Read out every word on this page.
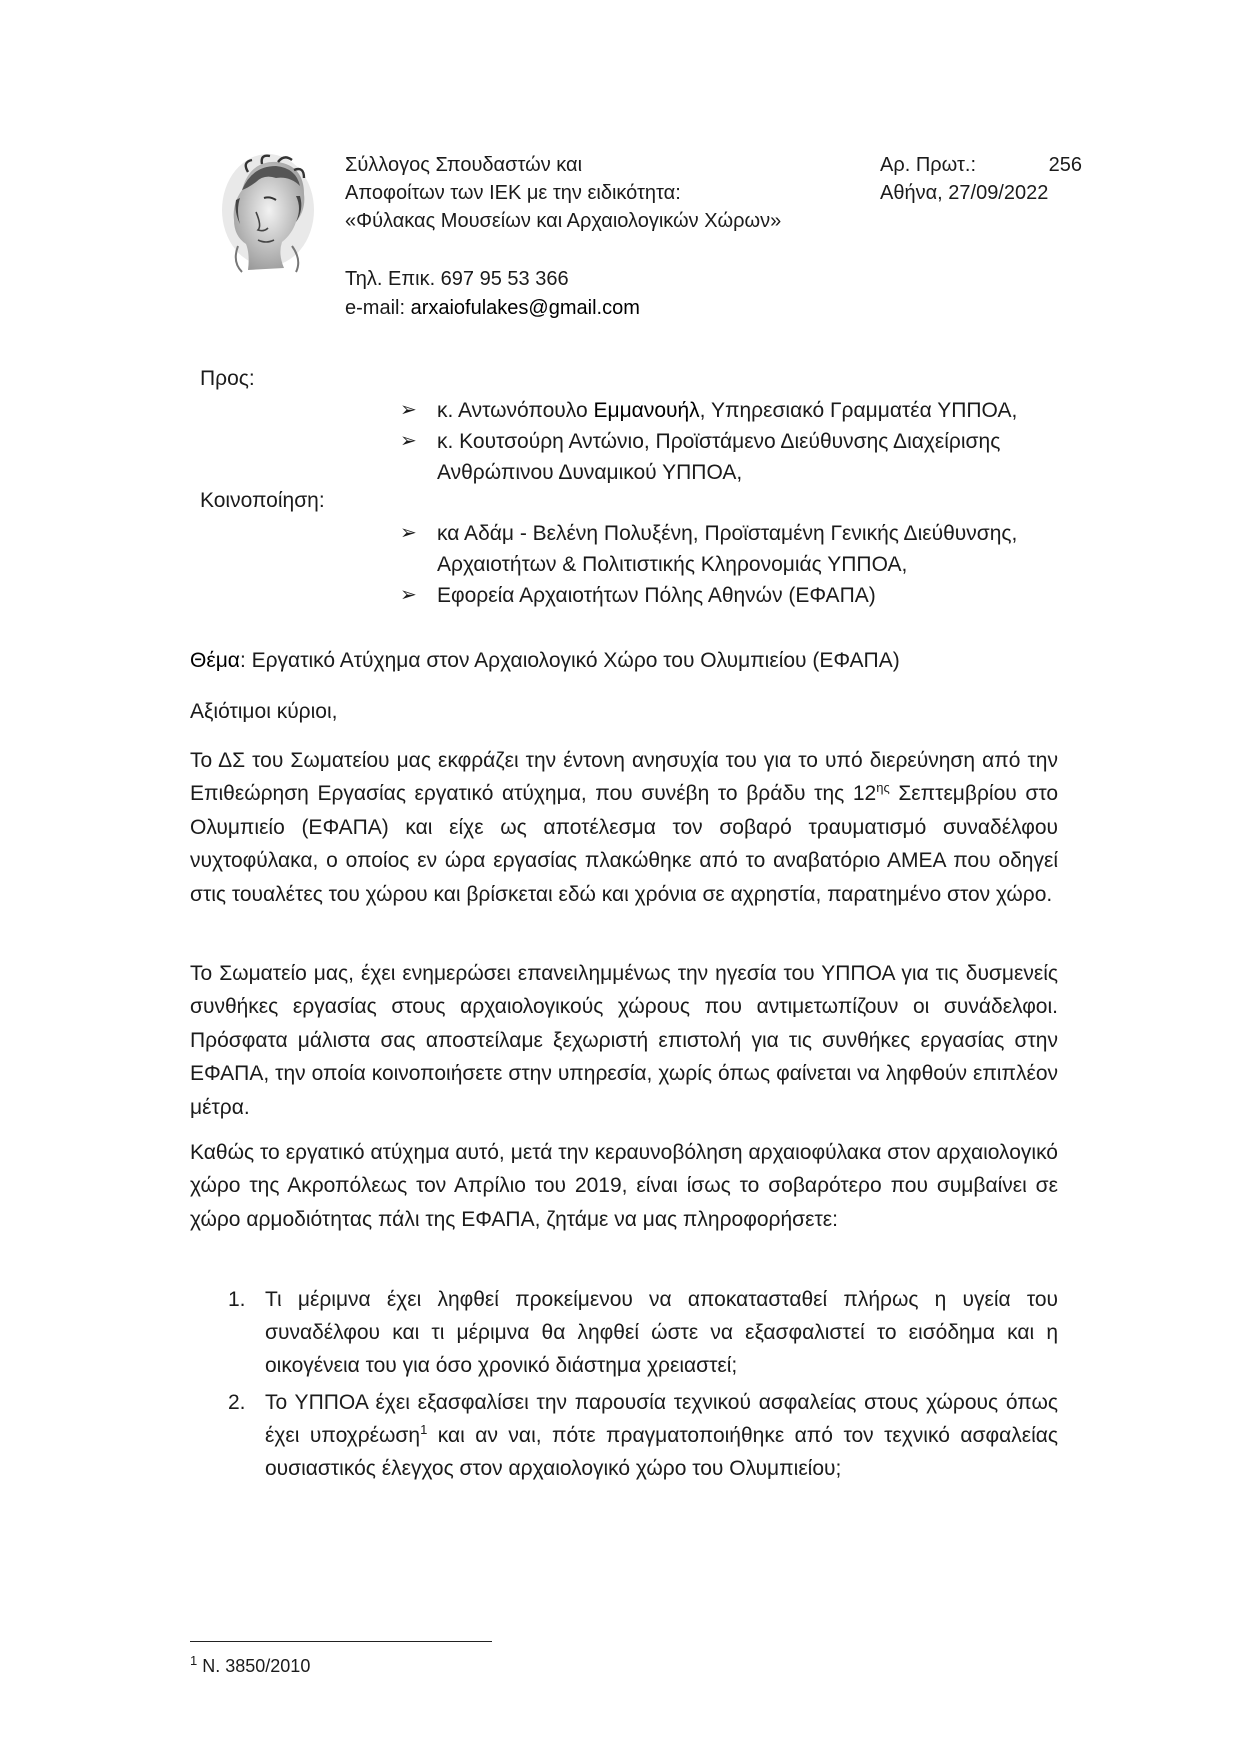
Σύλλογος Σπουδαστών και
Αποφοίτων των ΙΕΚ με την ειδικότητα:
«Φύλακας Μουσείων και Αρχαιολογικών Χώρων»
Αρ. Πρωτ.:	256
Αθήνα, 27/09/2022
Τηλ. Επικ. 697 95 53 366
e-mail: arxaiofulakes@gmail.com
Προς:
Κοινοποίηση:
➢ κ. Αντωνόπουλο Εμμανουήλ, Υπηρεσιακό Γραμματέα ΥΠΠΟΑ,
➢ κ. Κουτσούρη Αντώνιο, Προϊστάμενο Διεύθυνσης Διαχείρισης Ανθρώπινου Δυναμικού ΥΠΠΟΑ,
➢ κα Αδάμ - Βελένη Πολυξένη, Προϊσταμένη Γενικής Διεύθυνσης, Αρχαιοτήτων & Πολιτιστικής Κληρονομιάς ΥΠΠΟΑ,
➢ Εφορεία Αρχαιοτήτων Πόλης Αθηνών (ΕΦΑΠΑ)
Θέμα: Εργατικό Ατύχημα στον Αρχαιολογικό Χώρο του Ολυμπιείου (ΕΦΑΠΑ)
Αξιότιμοι κύριοι,

Το ΔΣ του Σωματείου μας εκφράζει την έντονη ανησυχία του για το υπό διερεύνηση από την Επιθεώρηση Εργασίας εργατικό ατύχημα, που συνέβη το βράδυ της $12^{\eta\varsigma}$ Σεπτεμβρίου στο Ολυμπιείο (ΕΦΑΠΑ) και είχε ως αποτέλεσμα τον σοβαρό τραυματισμό συναδέλφου νυχτοφύλακα, ο οποίος εν ώρα εργασίας πλακώθηκε από το αναβατόριο ΑΜΕΑ που οδηγεί στις τουαλέτες του χώρου και βρίσκεται εδώ και χρόνια σε αχρηστία, παρατημένο στον χώρο.

Το Σωματείο μας, έχει ενημερώσει επανειλημμένως την ηγεσία του ΥΠΠΟΑ για τις δυσμενείς συνθήκες εργασίας στους αρχαιολογικούς χώρους που αντιμετωπίζουν οι συνάδελφοι. Πρόσφατα μάλιστα σας αποστείλαμε ξεχωριστή επιστολή για τις συνθήκες εργασίας στην ΕΦΑΠΑ, την οποία κοινοποιήσετε στην υπηρεσία, χωρίς όπως φαίνεται να ληφθούν επιπλέον μέτρα.

Καθώς το εργατικό ατύχημα αυτό, μετά την κεραυνοβόληση αρχαιοφύλακα στον αρχαιολογικό χώρο της Ακροπόλεως τον Απρίλιο του 2019, είναι ίσως το σοβαρότερο που συμβαίνει σε χώρο αρμοδιότητας πάλι της ΕΦΑΠΑ, ζητάμε να μας πληροφορήσετε:

1. Τι μέριμνα έχει ληφθεί προκείμενου να αποκατασταθεί πλήρως η υγεία του συναδέλφου και τι μέριμνα θα ληφθεί ώστε να εξασφαλιστεί το εισόδημα και η οικογένεια του για όσο χρονικό διάστημα χρειαστεί;
2. Το ΥΠΠΟΑ έχει εξασφαλίσει την παρουσία τεχνικού ασφαλείας στους χώρους όπως έχει υποχρέωση$^1$ και αν ναι, πότε πραγματοποιήθηκε από τον τεχνικό ασφαλείας ουσιαστικός έλεγχος στον αρχαιολογικό χώρο του Ολυμπιείου;
$^1$ Ν. 3850/2010
